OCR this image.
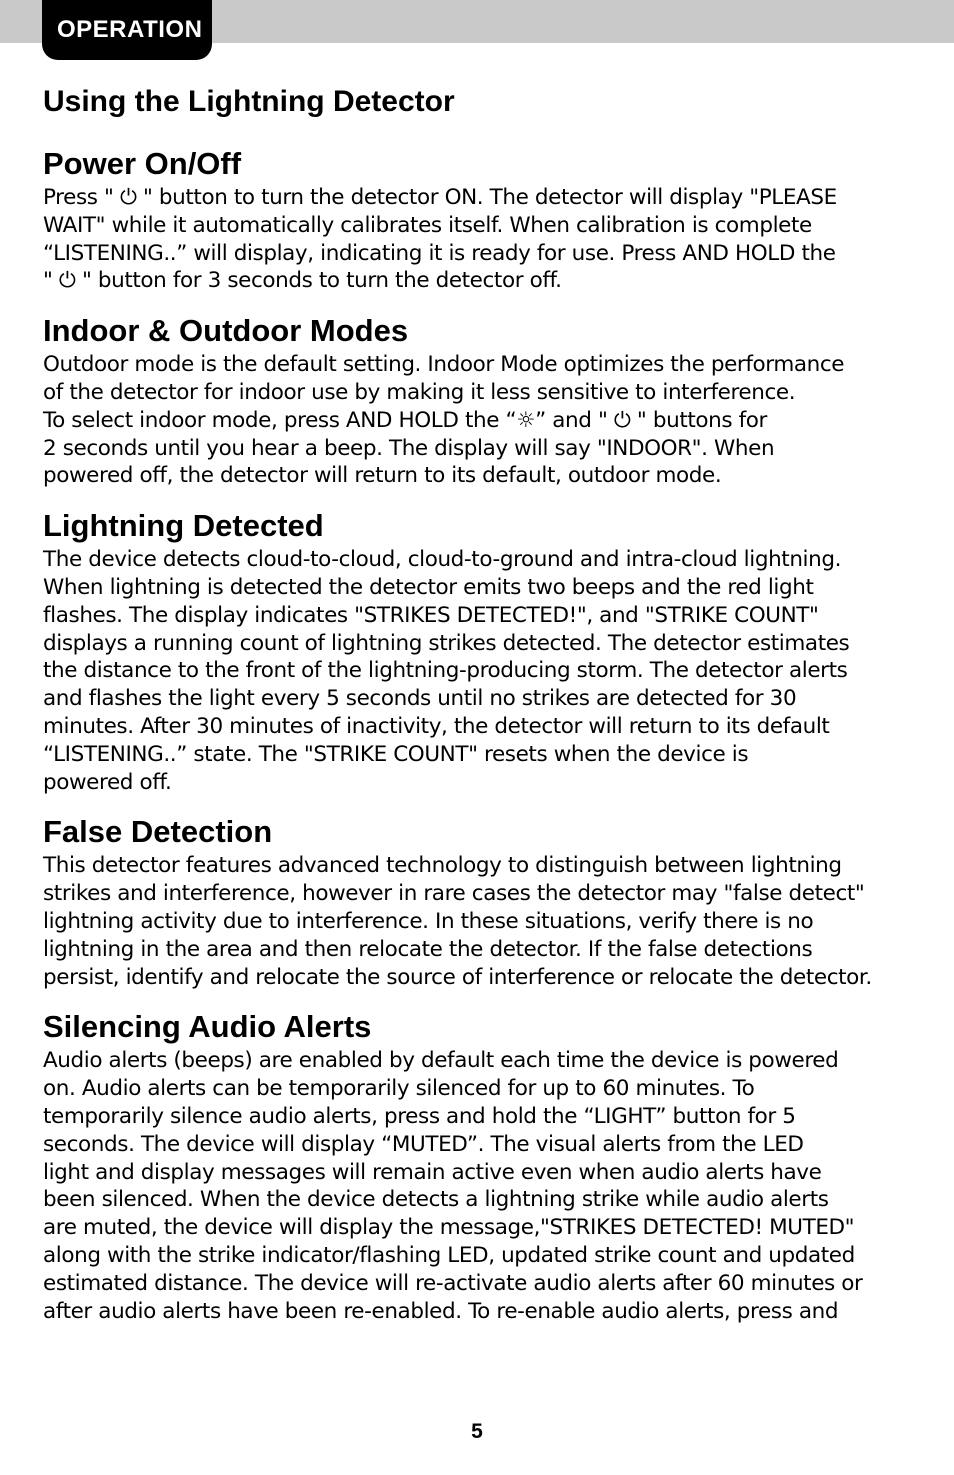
OPERATION
Using the Lightning Detector
Power On/Off

Press " ⏻ " button to turn the detector ON. The detector will display "PLEASE
WAIT" while it automatically calibrates itself. When calibration is complete
“LISTENING..” will display, indicating it is ready for use. Press AND HOLD the
" ⏻ " button for 3 seconds to turn the detector off.

Indoor & Outdoor Modes

Outdoor mode is the default setting. Indoor Mode optimizes the performance
of the detector for indoor use by making it less sensitive to interference.
To select indoor mode, press AND HOLD the “☼” and " ⏻ " buttons for
2 seconds until you hear a beep. The display will say "INDOOR". When
powered off, the detector will return to its default, outdoor mode.

Lightning Detected

The device detects cloud-to-cloud, cloud-to-ground and intra-cloud lightning.
When lightning is detected the detector emits two beeps and the red light
flashes. The display indicates "STRIKES DETECTED!", and "STRIKE COUNT"
displays a running count of lightning strikes detected. The detector estimates
the distance to the front of the lightning-producing storm. The detector alerts
and flashes the light every 5 seconds until no strikes are detected for 30
minutes. After 30 minutes of inactivity, the detector will return to its default
“LISTENING..” state. The "STRIKE COUNT" resets when the device is
powered off.

False Detection

This detector features advanced technology to distinguish between lightning
strikes and interference, however in rare cases the detector may "false detect"
lightning activity due to interference. In these situations, verify there is no
lightning in the area and then relocate the detector. If the false detections
persist, identify and relocate the source of interference or relocate the detector.

Silencing Audio Alerts

Audio alerts (beeps) are enabled by default each time the device is powered
on. Audio alerts can be temporarily silenced for up to 60 minutes. To
temporarily silence audio alerts, press and hold the “LIGHT” button for 5
seconds. The device will display “MUTED”. The visual alerts from the LED
light and display messages will remain active even when audio alerts have
been silenced. When the device detects a lightning strike while audio alerts
are muted, the device will display the message,"STRIKES DETECTED! MUTED"
along with the strike indicator/flashing LED, updated strike count and updated
estimated distance. The device will re-activate audio alerts after 60 minutes or
after audio alerts have been re-enabled. To re-enable audio alerts, press and

5
